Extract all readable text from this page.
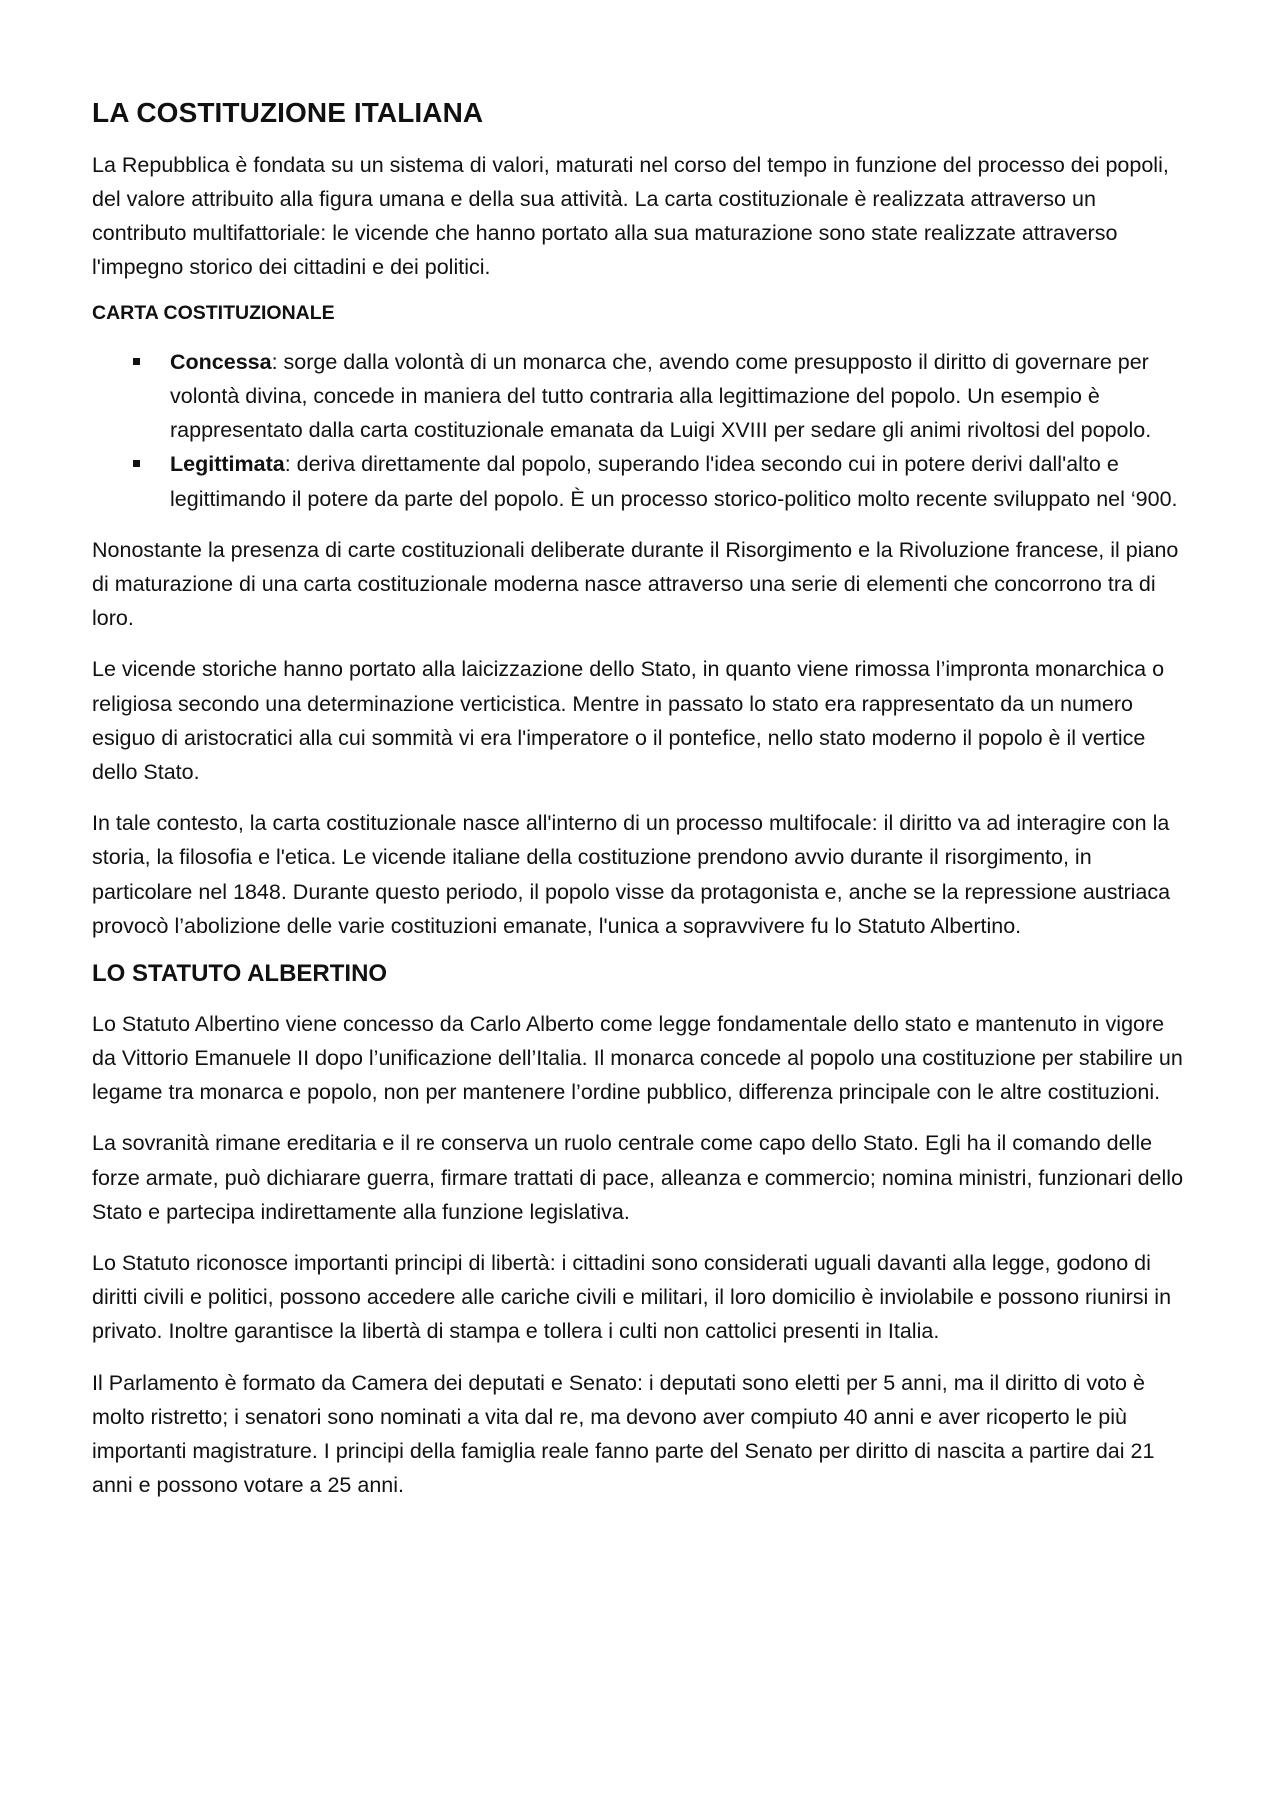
LA COSTITUZIONE ITALIANA

La Repubblica è fondata su un sistema di valori, maturati nel corso del tempo in funzione del processo dei popoli, del valore attribuito alla figura umana e della sua attività. La carta costituzionale è realizzata attraverso un contributo multifattoriale: le vicende che hanno portato alla sua maturazione sono state realizzate attraverso l'impegno storico dei cittadini e dei politici.

CARTA COSTITUZIONALE
Concessa: sorge dalla volontà di un monarca che, avendo come presupposto il diritto di governare per volontà divina, concede in maniera del tutto contraria alla legittimazione del popolo. Un esempio è rappresentato dalla carta costituzionale emanata da Luigi XVIII per sedare gli animi rivoltosi del popolo.
Legittimata: deriva direttamente dal popolo, superando l'idea secondo cui in potere derivi dall'alto e legittimando il potere da parte del popolo. È un processo storico-politico molto recente sviluppato nel ‘900.

Nonostante la presenza di carte costituzionali deliberate durante il Risorgimento e la Rivoluzione francese, il piano di maturazione di una carta costituzionale moderna nasce attraverso una serie di elementi che concorrono tra di loro.

Le vicende storiche hanno portato alla laicizzazione dello Stato, in quanto viene rimossa l’impronta monarchica o religiosa secondo una determinazione verticistica. Mentre in passato lo stato era rappresentato da un numero esiguo di aristocratici alla cui sommità vi era l'imperatore o il pontefice, nello stato moderno il popolo è il vertice dello Stato.

In tale contesto, la carta costituzionale nasce all'interno di un processo multifocale: il diritto va ad interagire con la storia, la filosofia e l'etica. Le vicende italiane della costituzione prendono avvio durante il risorgimento, in particolare nel 1848. Durante questo periodo, il popolo visse da protagonista e, anche se la repressione austriaca provocò l’abolizione delle varie costituzioni emanate, l'unica a sopravvivere fu lo Statuto Albertino.

LO STATUTO ALBERTINO

Lo Statuto Albertino viene concesso da Carlo Alberto come legge fondamentale dello stato e mantenuto in vigore da Vittorio Emanuele II dopo l’unificazione dell’Italia. Il monarca concede al popolo una costituzione per stabilire un legame tra monarca e popolo, non per mantenere l’ordine pubblico, differenza principale con le altre costituzioni.

La sovranità rimane ereditaria e il re conserva un ruolo centrale come capo dello Stato. Egli ha il comando delle forze armate, può dichiarare guerra, firmare trattati di pace, alleanza e commercio; nomina ministri, funzionari dello Stato e partecipa indirettamente alla funzione legislativa.

Lo Statuto riconosce importanti principi di libertà: i cittadini sono considerati uguali davanti alla legge, godono di diritti civili e politici, possono accedere alle cariche civili e militari, il loro domicilio è inviolabile e possono riunirsi in privato. Inoltre garantisce la libertà di stampa e tollera i culti non cattolici presenti in Italia.

Il Parlamento è formato da Camera dei deputati e Senato: i deputati sono eletti per 5 anni, ma il diritto di voto è molto ristretto; i senatori sono nominati a vita dal re, ma devono aver compiuto 40 anni e aver ricoperto le più importanti magistrature. I principi della famiglia reale fanno parte del Senato per diritto di nascita a partire dai 21 anni e possono votare a 25 anni.
